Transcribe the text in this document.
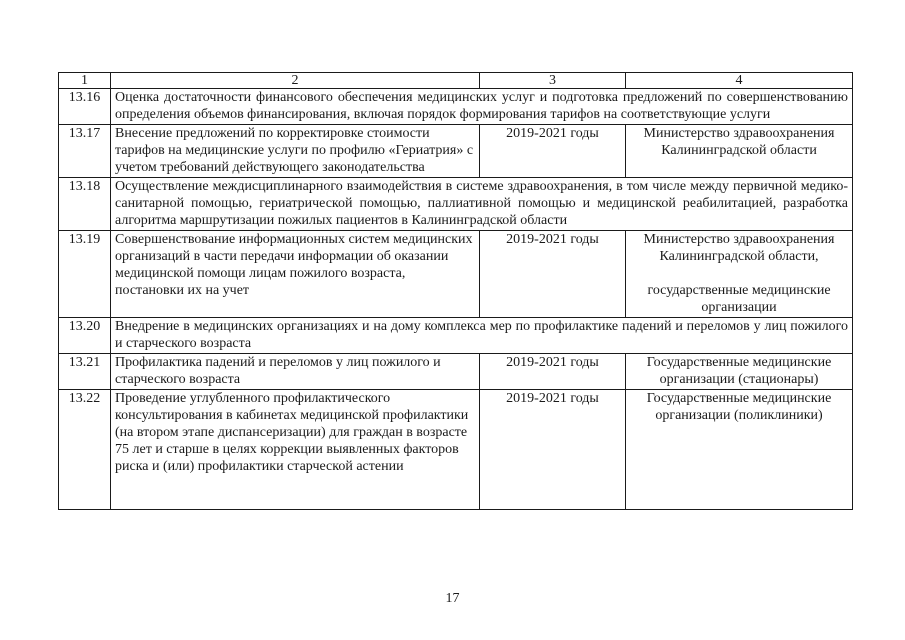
1	2	3	4
13.16	Оценка достаточности финансового обеспечения медицинских услуг и подготовка предложений по совершенствованию определения объемов финансирования, включая порядок формирования тарифов на соответствующие услуги		
13.17	Внесение предложений по корректировке стоимости тарифов на медицинские услуги по профилю «Гериатрия» с учетом требований действующего законодательства	2019-2021 годы	Министерство здравоохранения Калининградской области

13.18	Осуществление междисциплинарного взаимодействия в системе здравоохранения, в том числе между первичной медико-санитарной помощью, гериатрической помощью, паллиативной помощью и медицинской реабилитацией, разработка алгоритма маршрутизации пожилых пациентов в Калининградской области		
13.19	Совершенствование информационных систем медицинских организаций в части передачи информации об оказании медицинской помощи лицам пожилого возраста, постановки их на учет	2019-2021 годы	Министерство здравоохранения Калининградской области,
государственные медицинские организации

13.20	Внедрение в медицинских организациях и на дому комплекса мер по профилактике падений и переломов у лиц пожилого и старческого возраста		
13.21	Профилактика падений и переломов у лиц пожилого и старческого возраста	2019-2021 годы	Государственные медицинские организации (стационары)

13.22	Проведение углубленного профилактического консультирования в кабинетах медицинской профилактики (на втором этапе диспансеризации) для граждан в возрасте 75 лет и старше в целях коррекции выявленных факторов риска и (или) профилактики старческой астении	2019-2021 годы	Государственные медицинские организации (поликлиники)
17
